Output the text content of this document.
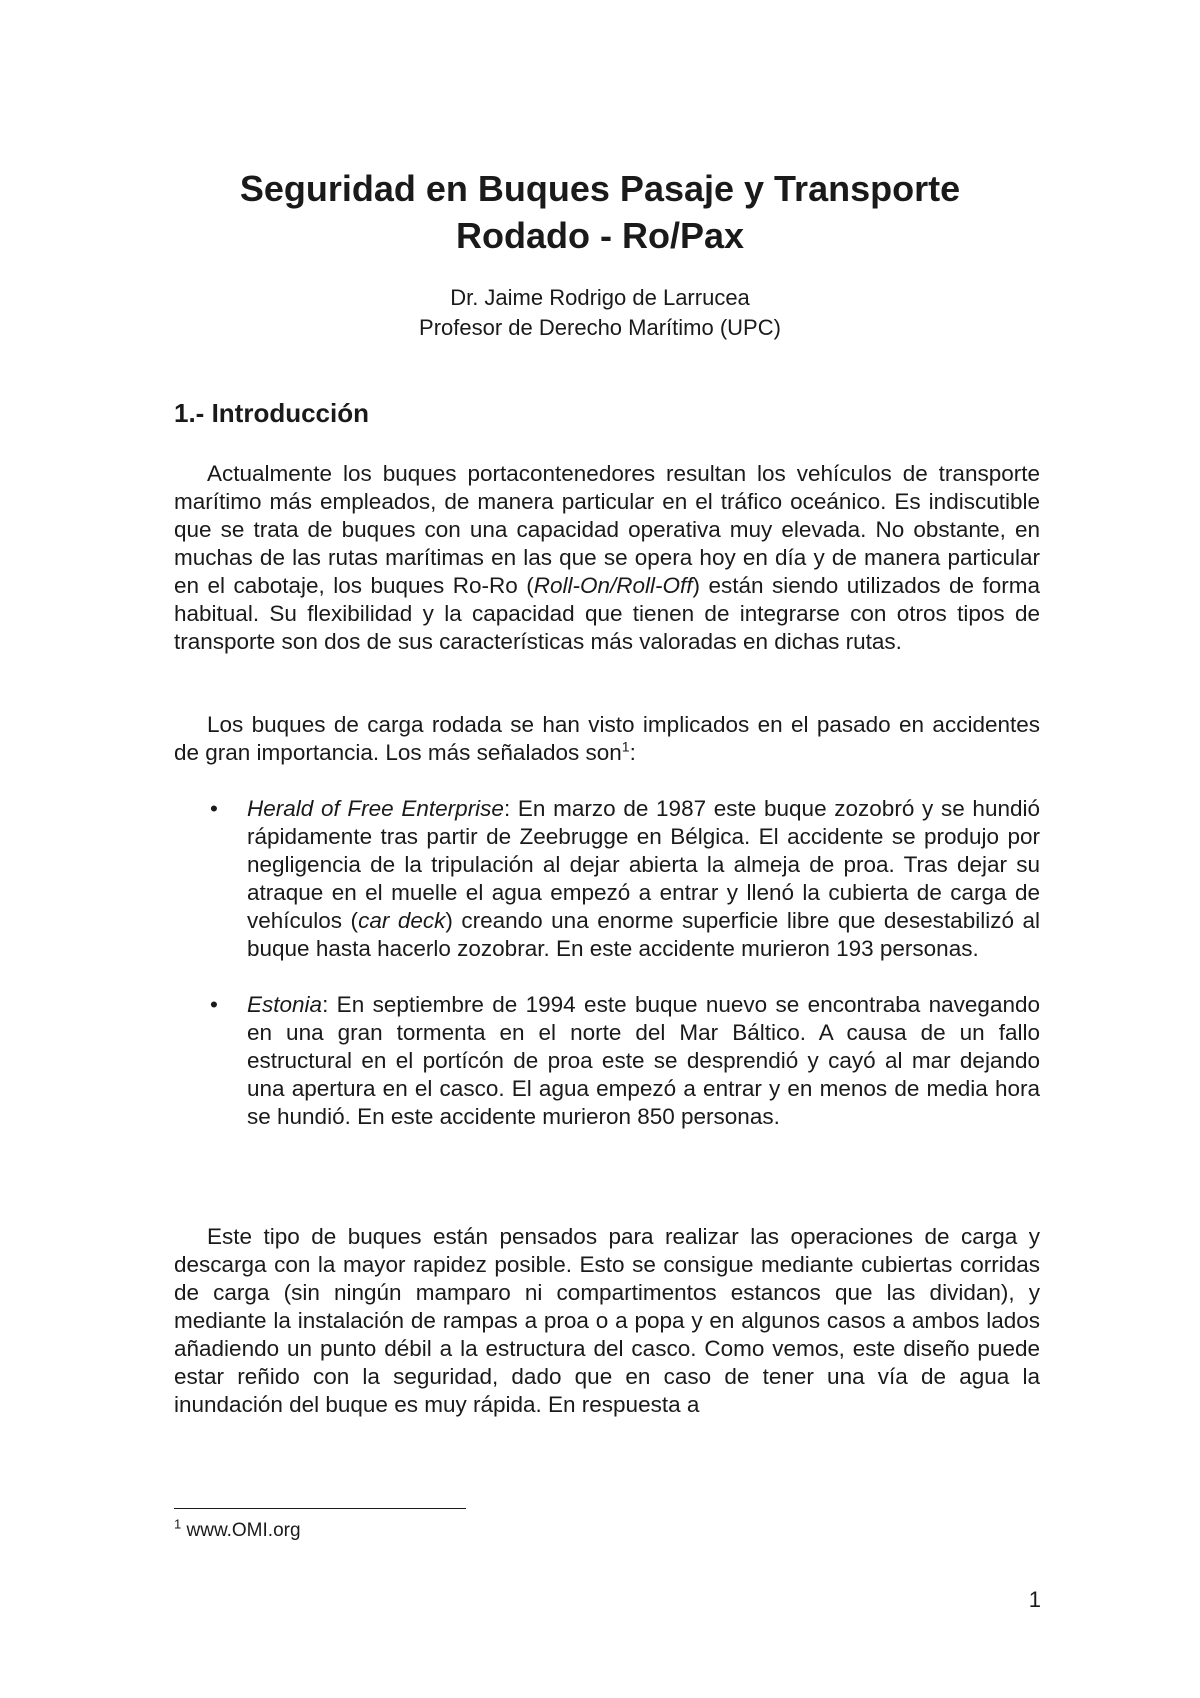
Seguridad en Buques Pasaje y Transporte
Rodado - Ro/Pax
Dr. Jaime Rodrigo de Larrucea
Profesor de Derecho Marítimo (UPC)
1.- Introducción

Actualmente los buques portacontenedores resultan los vehículos de transporte marítimo más empleados, de manera particular en el tráfico oceánico. Es indiscutible que se trata de buques con una capacidad operativa muy elevada. No obstante, en muchas de las rutas marítimas en las que se opera hoy en día y de manera particular en el cabotaje, los buques Ro-Ro (Roll-On/Roll-Off) están siendo utilizados de forma habitual. Su flexibilidad y la capacidad que tienen de integrarse con otros tipos de transporte son dos de sus características más valoradas en dichas rutas.

Los buques de carga rodada se han visto implicados en el pasado en accidentes de gran importancia. Los más señalados son$^1$:

• Herald of Free Enterprise: En marzo de 1987 este buque zozobró y se hundió rápidamente tras partir de Zeebrugge en Bélgica. El accidente se produjo por negligencia de la tripulación al dejar abierta la almeja de proa. Tras dejar su atraque en el muelle el agua empezó a entrar y llenó la cubierta de carga de vehículos (car deck) creando una enorme superficie libre que desestabilizó al buque hasta hacerlo zozobrar. En este accidente murieron 193 personas.
• Estonia: En septiembre de 1994 este buque nuevo se encontraba navegando en una gran tormenta en el norte del Mar Báltico. A causa de un fallo estructural en el portícón de proa este se desprendió y cayó al mar dejando una apertura en el casco. El agua empezó a entrar y en menos de media hora se hundió. En este accidente murieron 850 personas.

Este tipo de buques están pensados para realizar las operaciones de carga y descarga con la mayor rapidez posible. Esto se consigue mediante cubiertas corridas de carga (sin ningún mamparo ni compartimentos estancos que las dividan), y mediante la instalación de rampas a proa o a popa y en algunos casos a ambos lados añadiendo un punto débil a la estructura del casco. Como vemos, este diseño puede estar reñido con la seguridad, dado que en caso de tener una vía de agua la inundación del buque es muy rápida. En respuesta a

$^1$ www.OMI.org
1
